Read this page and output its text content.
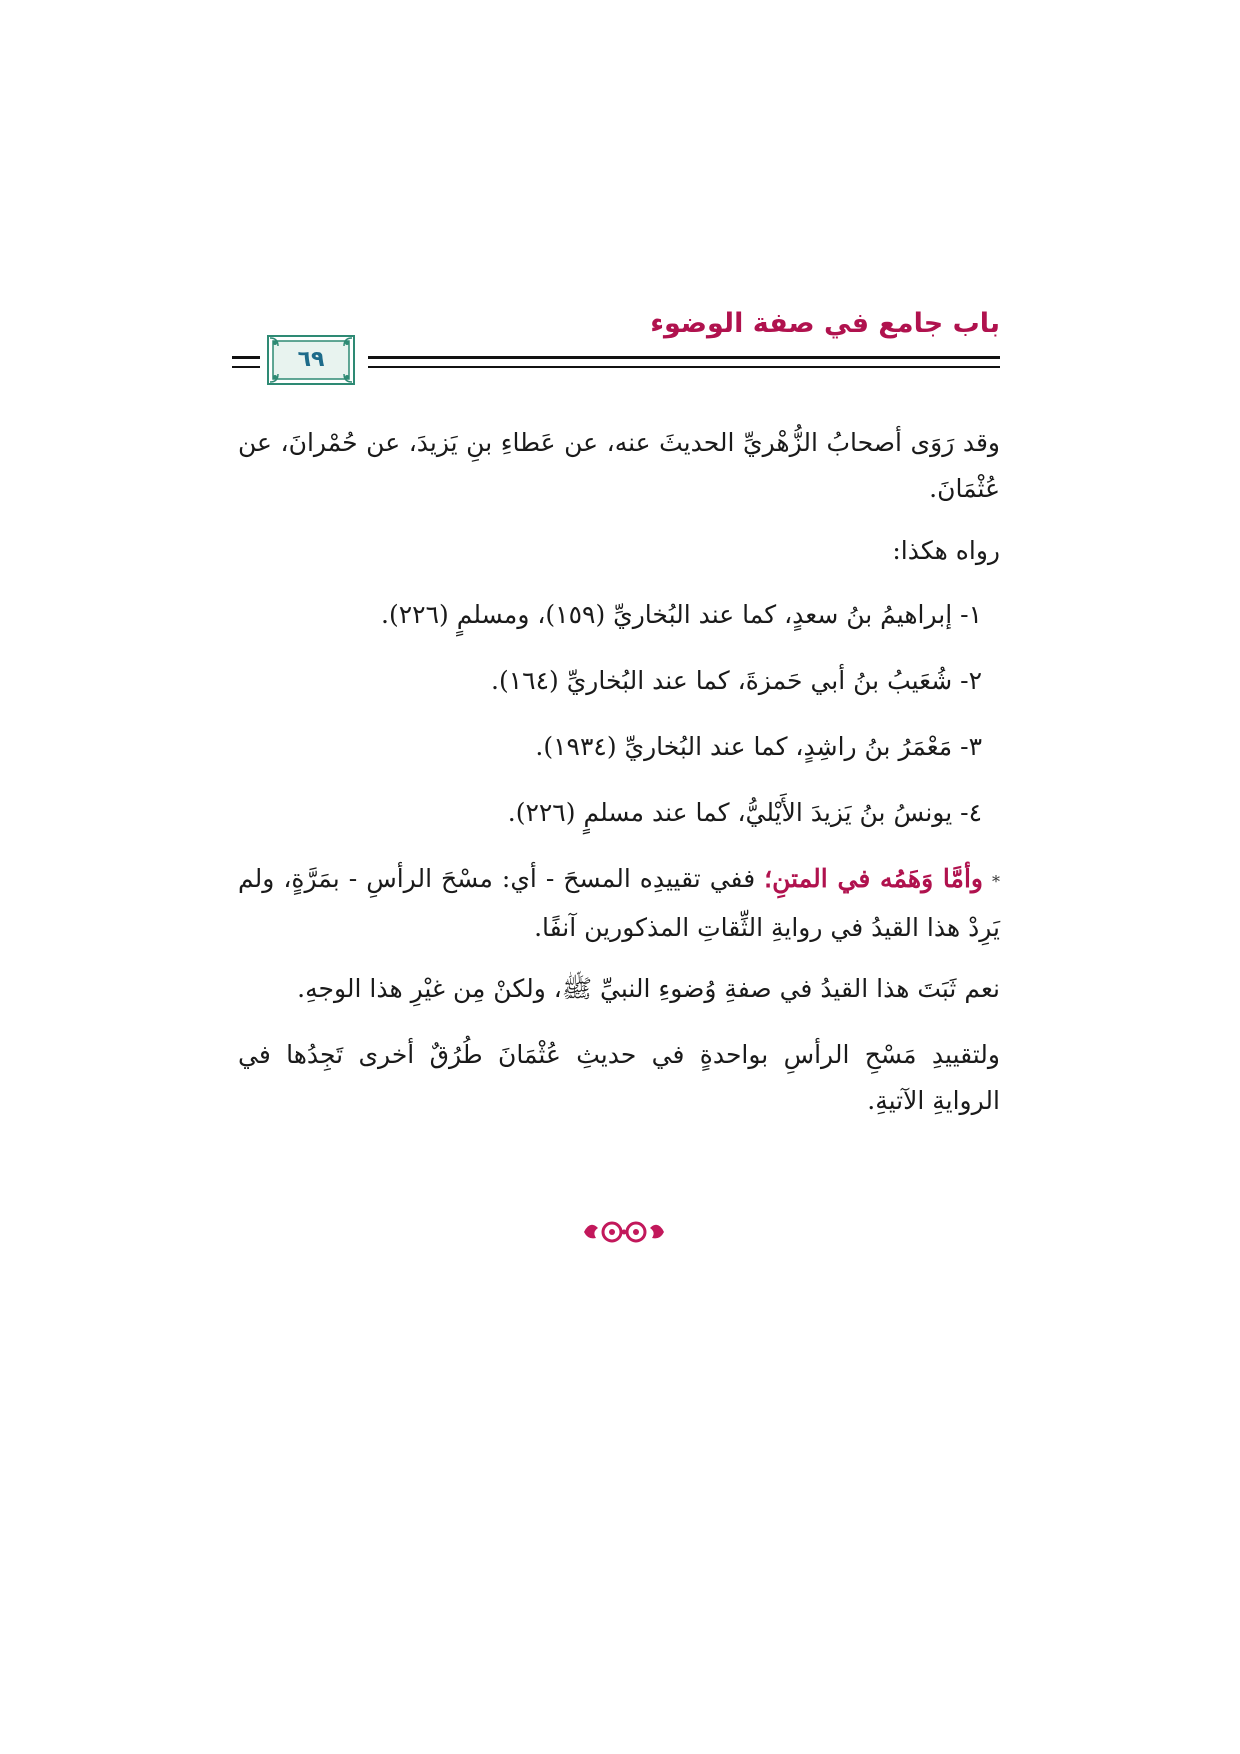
باب جامع في صفة الوضوء
٦٩
وقد رَوَى أصحابُ الزُّهْريِّ الحديثَ عنه، عن عَطاءِ بنِ يَزيدَ، عن حُمْرانَ، عن عُثْمَانَ.
رواه هكذا:
١- إبراهيمُ بنُ سعدٍ، كما عند البُخاريِّ (١٥٩)، ومسلمٍ (٢٢٦).
٢- شُعَيبُ بنُ أبي حَمزةَ، كما عند البُخاريِّ (١٦٤).
٣- مَعْمَرُ بنُ راشِدٍ، كما عند البُخاريِّ (١٩٣٤).
٤- يونسُ بنُ يَزيدَ الأَيْليُّ، كما عند مسلمٍ (٢٢٦).
* وأمَّا وَهَمُه في المتنِ؛ ففي تقييدِه المسحَ - أي: مسْحَ الرأسِ - بمَرَّةٍ، ولم يَرِدْ هذا القيدُ في روايةِ الثِّقاتِ المذكورين آنفًا.
نعم ثَبَتَ هذا القيدُ في صفةِ وُضوءِ النبيِّ ﷺ، ولكنْ مِن غيْرِ هذا الوجهِ.
ولتقييدِ مَسْحِ الرأسِ بواحدةٍ في حديثِ عُثْمَانَ طُرُقٌ أخرى تَجِدُها في الروايةِ الآتيةِ.
